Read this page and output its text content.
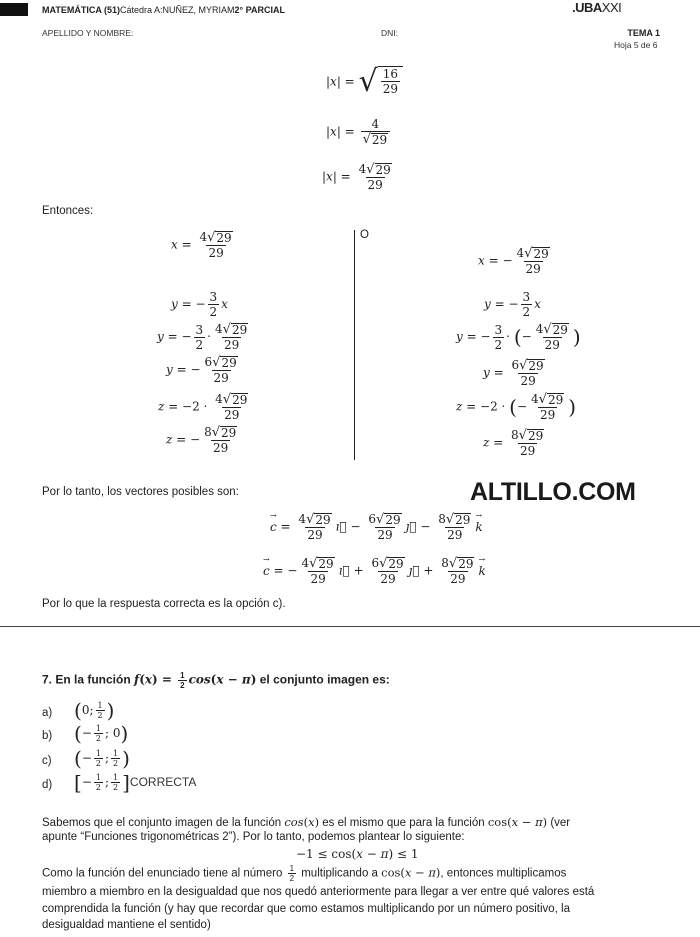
MATEMÁTICA (51)Cátedra A:NUÑEZ, MYRIAM2° PARCIAL	.UBAXXI
APELLIDO Y NOMBRE:	DNI:	TEMA 1
Hoja 5 de 6
|x| = √ $\frac{16}{29}$
$|x| = \frac{4}{√ 29}$
$|x| = \frac{4 √ 29}{29}$
Entonces:
$x = \frac{4 √ 29}{29}$
y = − $\frac{3}{2}$ x
y = − $\frac{3}{2} \cdot \frac{4 √ 29}{29}$
y = − $\frac{6 √ 29}{29}$
$z = -2 \cdot \frac{4 √ 29}{29}$
z = − $\frac{8 √ 29}{29}$
O
x = − $\frac{4 √ 29}{29}$
y = − $\frac{3}{2}$ x
y = − $\frac{3}{2}$ · (− $\frac{4 √ 29}{29}$ )
$y = \frac{6 √ 29}{29}$
z = −2 · (− $\frac{4 √ 29}{29}$ )
$z = \frac{8 √ 29}{29}$
Por lo tanto, los vectores posibles son:	ALTILLO.COM
c → = $\frac{4 √ 29}{29}$ ı⃗ − $\frac{6 √ 29}{29}$ ȷ⃗ − $\frac{8 √ 29}{29}$ k →
c → = − $\frac{4 √ 29}{29}$ ı⃗ + $\frac{6 √ 29}{29}$ ȷ⃗ + $\frac{8 √ 29}{29}$ k →
Por lo que la respuesta correcta es la opción c).
7. En la función $f(x) = \frac{1}{2} \cos(x - \pi)$ el conjunto imagen es:
a) (0; $\frac{1}{2}$ )
b) (− $\frac{1}{2}$ ; 0)
c) (− $\frac{1}{2}$ ; $\frac{1}{2}$ )
d) [− $\frac{1}{2}$ ; $\frac{1}{2}$ ]CORRECTA
Sabemos que el conjunto imagen de la función cos(x) es el mismo que para la función cos(x − π) (ver
apunte “Funciones trigonométricas 2”). Por lo tanto, podemos plantear lo siguiente:
−1 ≤ cos(x − π) ≤ 1
Como la función del enunciado tiene al número $\frac{1}{2}$ multiplicando a cos(x − π), entonces multiplicamos
miembro a miembro en la desigualdad que nos quedó anteriormente para llegar a ver entre qué valores está
comprendida la función (y hay que recordar que como estamos multiplicando por un número positivo, la
desigualdad mantiene el sentido)
